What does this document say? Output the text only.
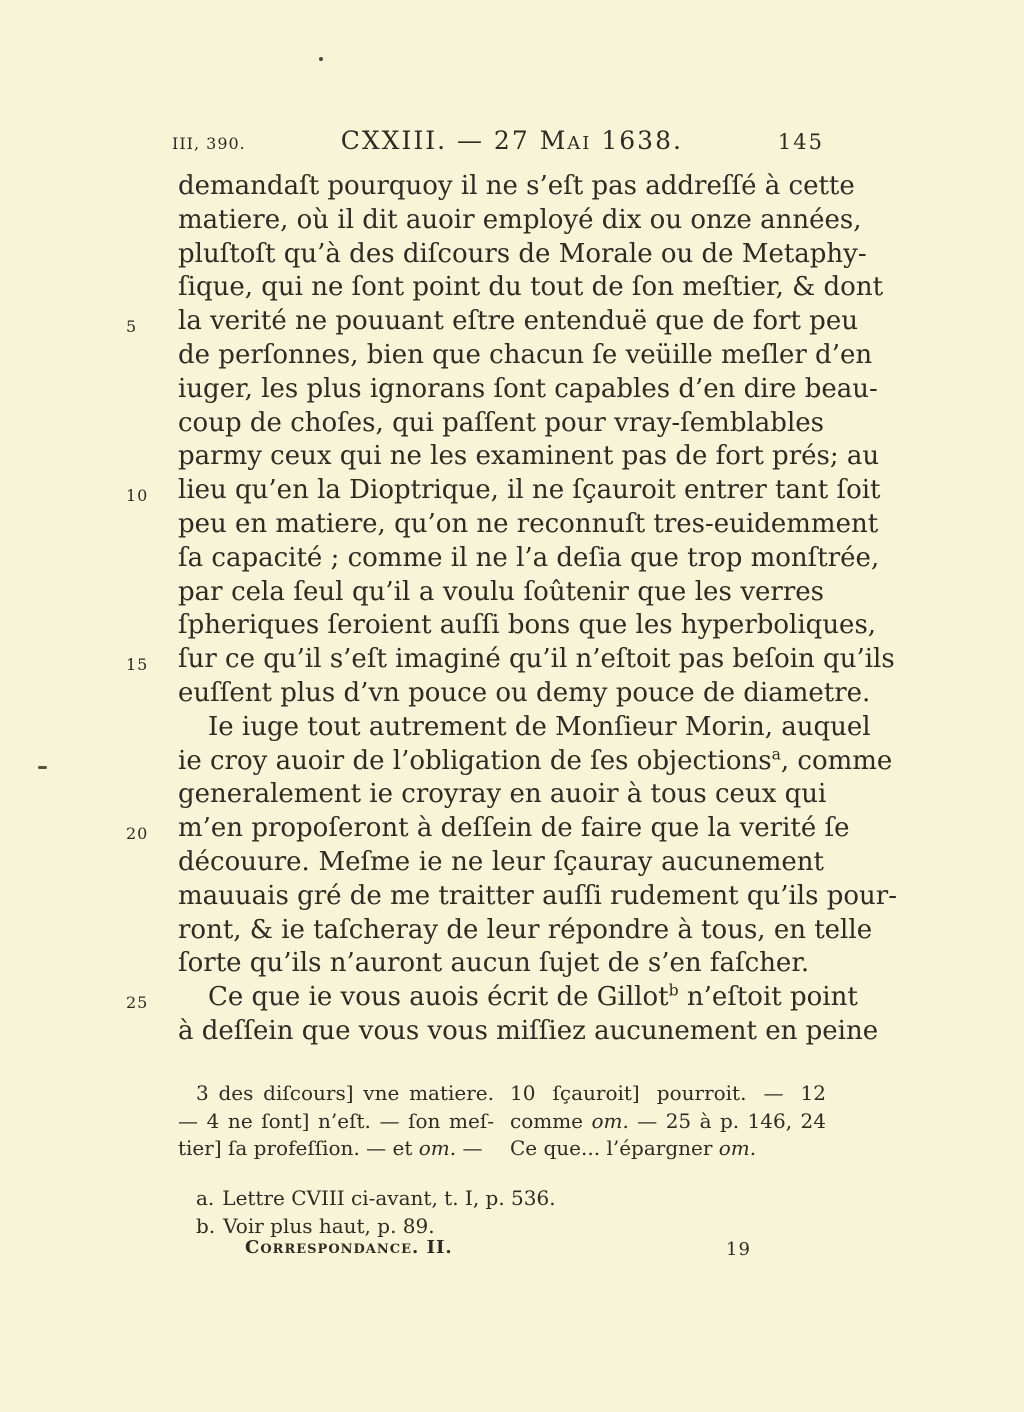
III, 390.	CXXIII. — 27 Mai 1638.	145
demandaſt pourquoy il ne s’eſt pas addreſſé à cette
matiere, où il dit auoir employé dix ou onze années,
pluſtoſt qu’à des diſcours de Morale ou de Metaphy-
ſique, qui ne ſont point du tout de ſon meſtier, & dont
5	la verité ne pouuant eſtre entenduë que de fort peu
de perſonnes, bien que chacun ſe veüille meſler d’en
iuger, les plus ignorans ſont capables d’en dire beau-
coup de choſes, qui paſſent pour vray-ſemblables
parmy ceux qui ne les examinent pas de fort prés; au
10	lieu qu’en la Dioptrique, il ne ſçauroit entrer tant ſoit
peu en matiere, qu’on ne reconnuſt tres-euidemment
ſa capacité ; comme il ne l’a deſia que trop monſtrée,
par cela ſeul qu’il a voulu ſoûtenir que les verres
ſpheriques ſeroient auſſi bons que les hyperboliques,
15	ſur ce qu’il s’eſt imaginé qu’il n’eſtoit pas beſoin qu’ils
euſſent plus d’vn pouce ou demy pouce de diametre.
Ie iuge tout autrement de Monſieur Morin, auquel
ie croy auoir de l’obligation de ſes objections$^a$, comme
generalement ie croyray en auoir à tous ceux qui
20	m’en propoſeront à deſſein de faire que la verité ſe
découure. Meſme ie ne leur ſçauray aucunement
mauuais gré de me traitter auſſi rudement qu’ils pour-
ront, & ie taſcheray de leur répondre à tous, en telle
ſorte qu’ils n’auront aucun ſujet de s’en faſcher.
25	Ce que ie vous auois écrit de Gillot$^b$ n’eſtoit point
à deſſein que vous vous miſſiez aucunement en peine
3 des diſcours] vne matiere.
— 4 ne ſont] n’eſt. — ſon meſ-
tier] ſa profeſſion. — et om. —
10 ſçauroit] pourroit. — 12
comme om. — 25 à p. 146, 24
Ce que... l’épargner om.
a. Lettre CVIII ci-avant, t. I, p. 536.
b. Voir plus haut, p. 89.
Correspondance. II.	19
